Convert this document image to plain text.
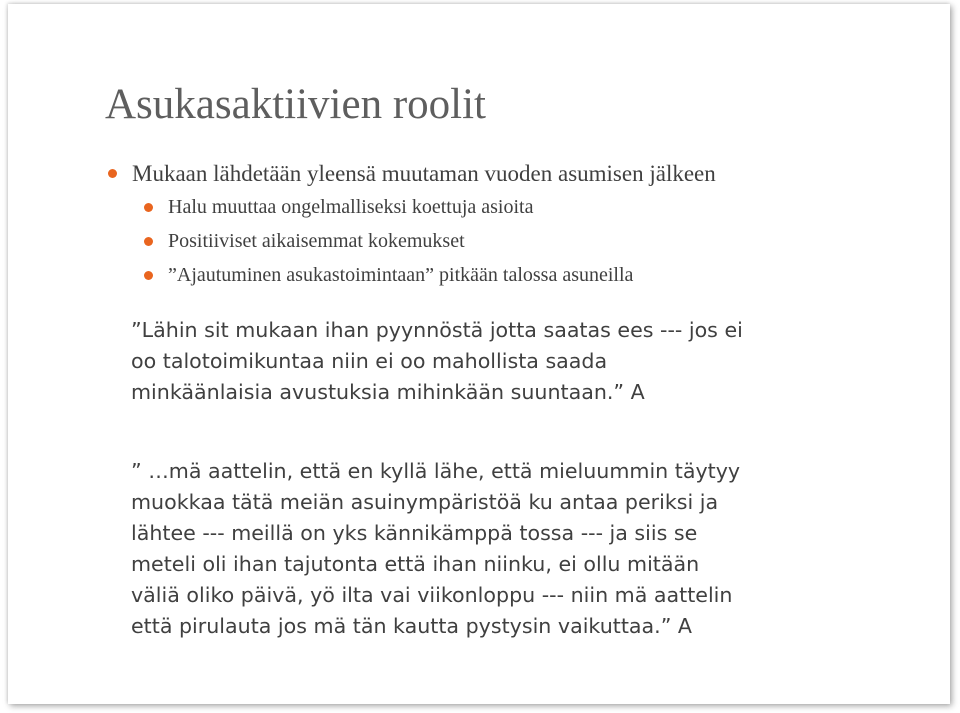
Asukasaktiivien roolit
Mukaan lähdetään yleensä muutaman vuoden asumisen jälkeen
Halu muuttaa ongelmalliseksi koettuja asioita
Positiiviset aikaisemmat kokemukset
”Ajautuminen asukastoimintaan” pitkään talossa asuneilla

”Lähin sit mukaan ihan pyynnöstä jotta saatas ees --- jos ei
oo talotoimikuntaa niin ei oo mahollista saada
minkäänlaisia avustuksia mihinkään suuntaan.” A

” …mä aattelin, että en kyllä lähe, että mieluummin täytyy
muokkaa tätä meiän asuinympäristöä ku antaa periksi ja
lähtee --- meillä on yks kännikämppä tossa --- ja siis se
meteli oli ihan tajutonta että ihan niinku, ei ollu mitään
väliä oliko päivä, yö ilta vai viikonloppu --- niin mä aattelin
että pirulauta jos mä tän kautta pystysin vaikuttaa.” A
